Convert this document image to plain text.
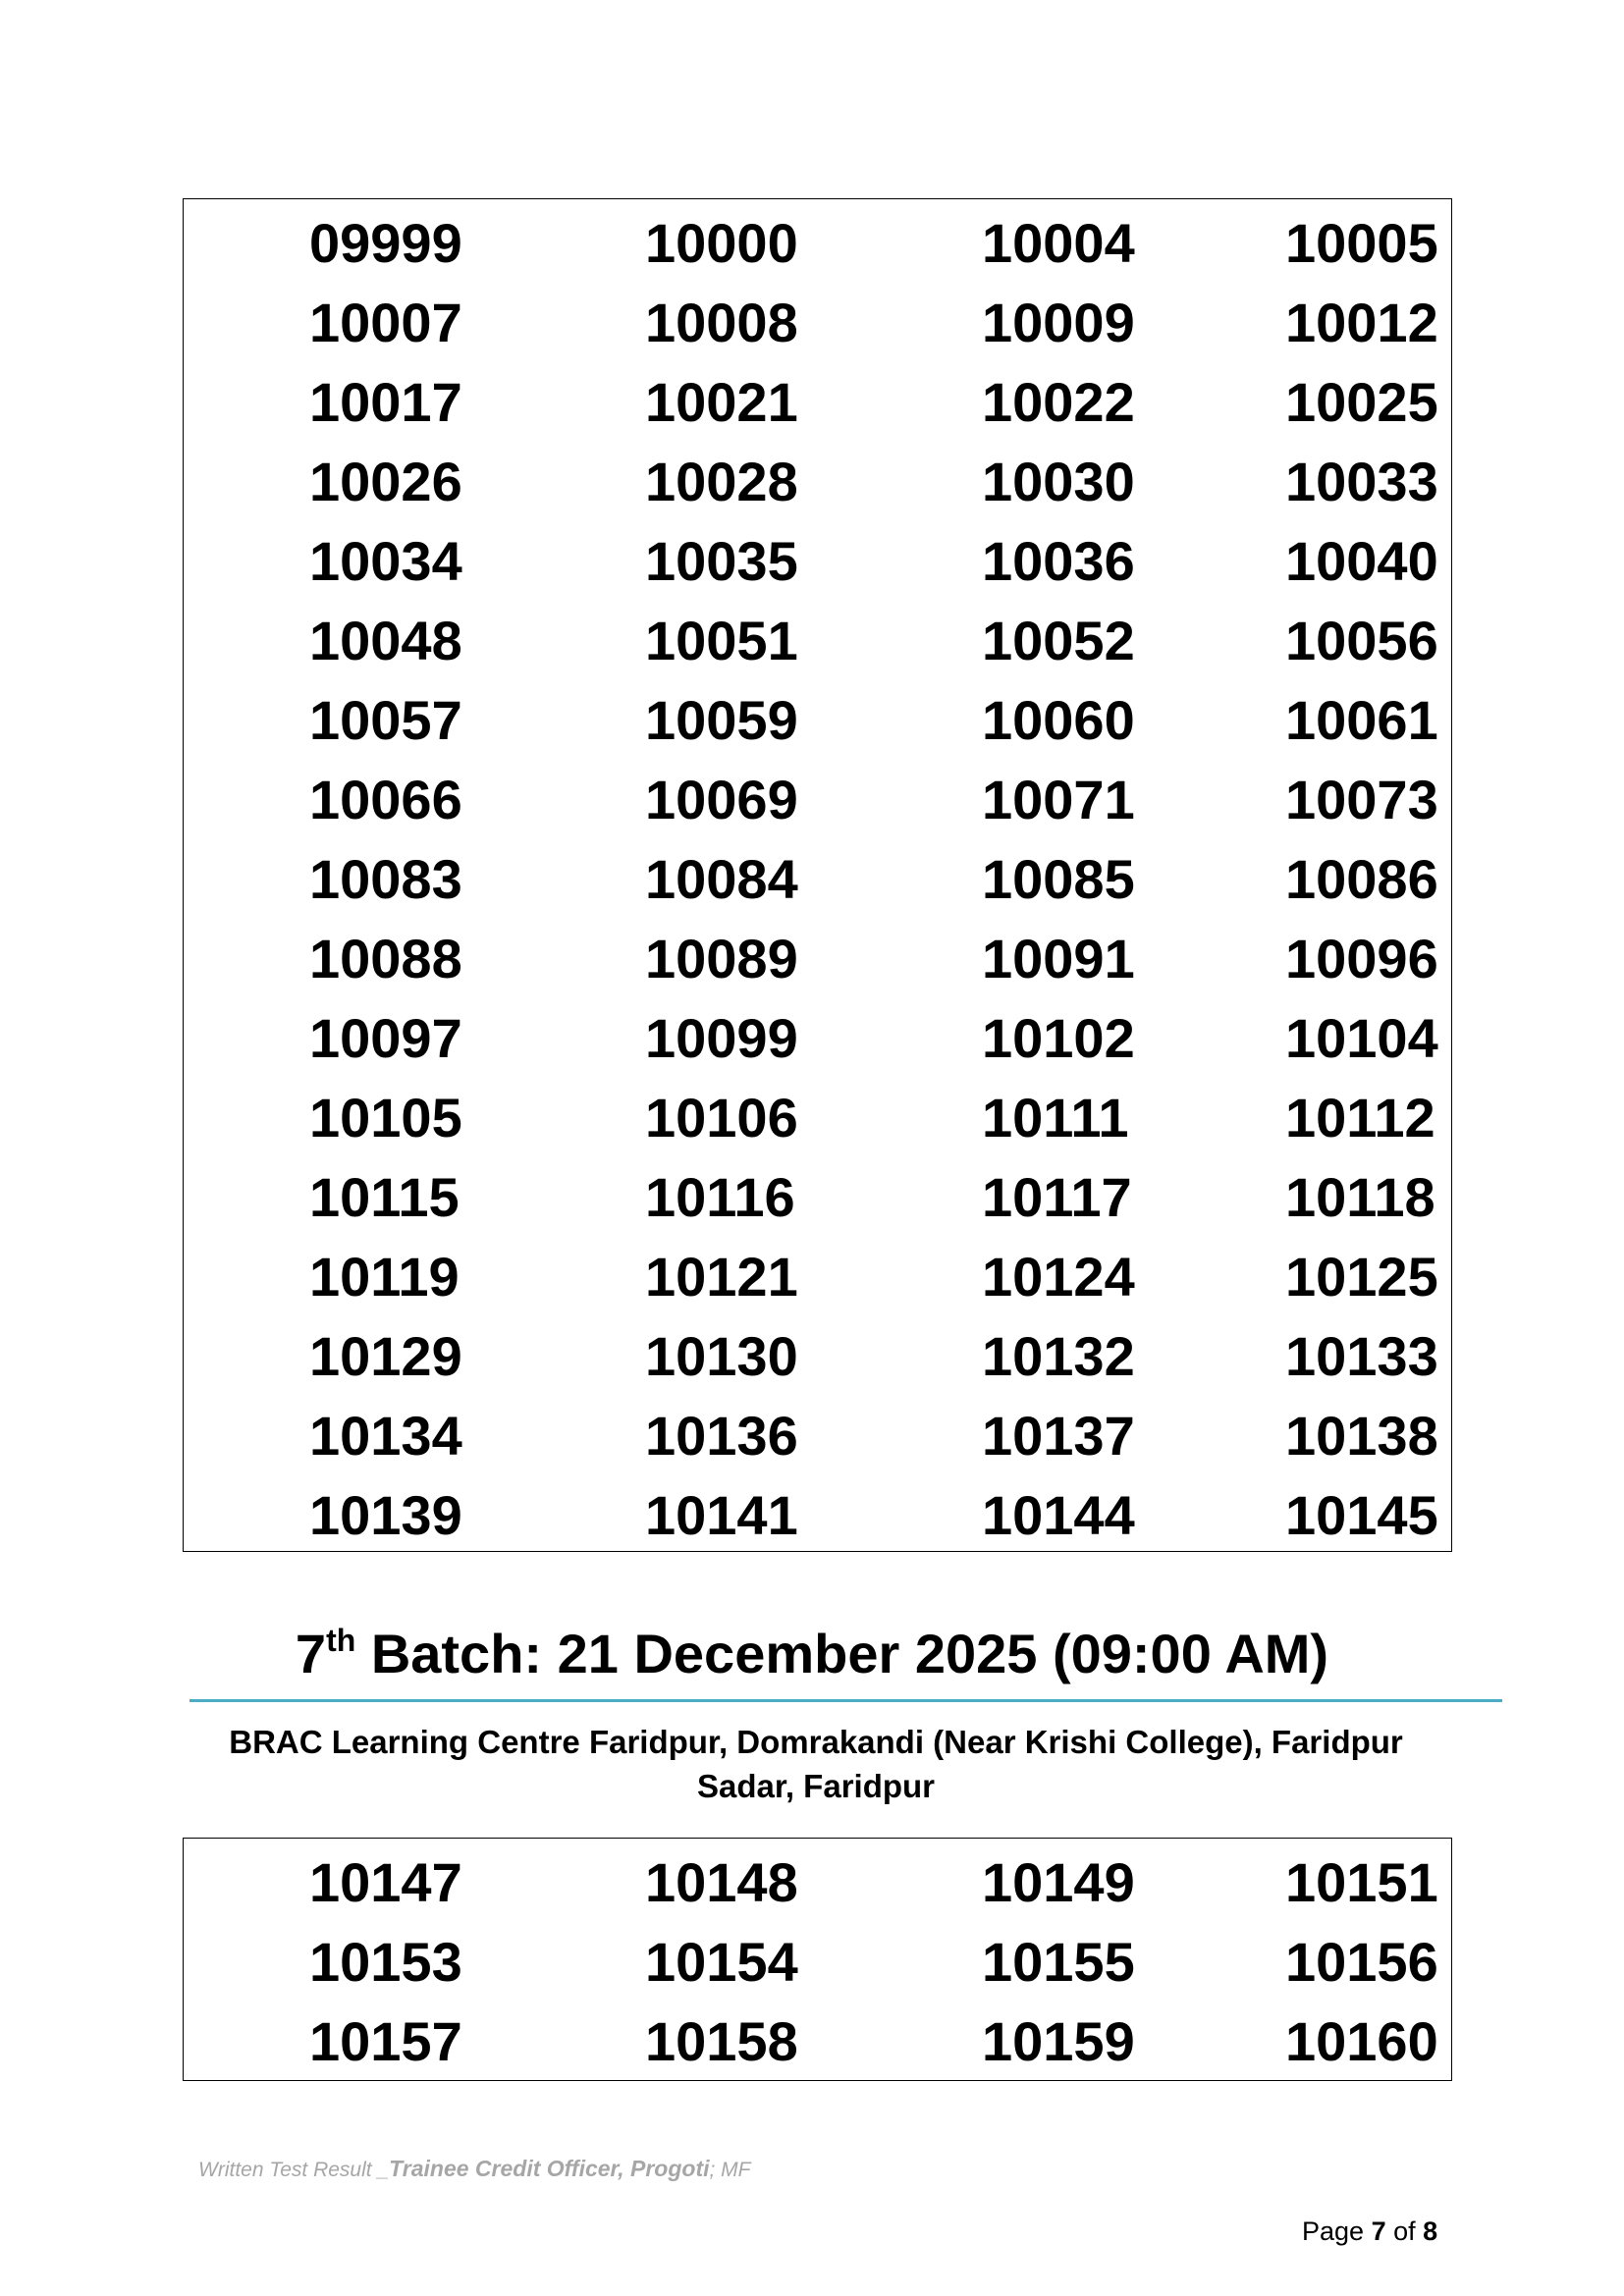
09999	10000	10004	10005
10007	10008	10009	10012
10017	10021	10022	10025
10026	10028	10030	10033
10034	10035	10036	10040
10048	10051	10052	10056
10057	10059	10060	10061
10066	10069	10071	10073
10083	10084	10085	10086
10088	10089	10091	10096
10097	10099	10102	10104
10105	10106	10111	10112
10115	10116	10117	10118
10119	10121	10124	10125
10129	10130	10132	10133
10134	10136	10137	10138
10139	10141	10144	10145
7th Batch: 21 December 2025 (09:00 AM)
BRAC Learning Centre Faridpur, Domrakandi (Near Krishi College), Faridpur
Sadar, Faridpur
10147	10148	10149	10151
10153	10154	10155	10156
10157	10158	10159	10160
Written Test Result _Trainee Credit Officer, Progoti; MF
Page 7 of 8
